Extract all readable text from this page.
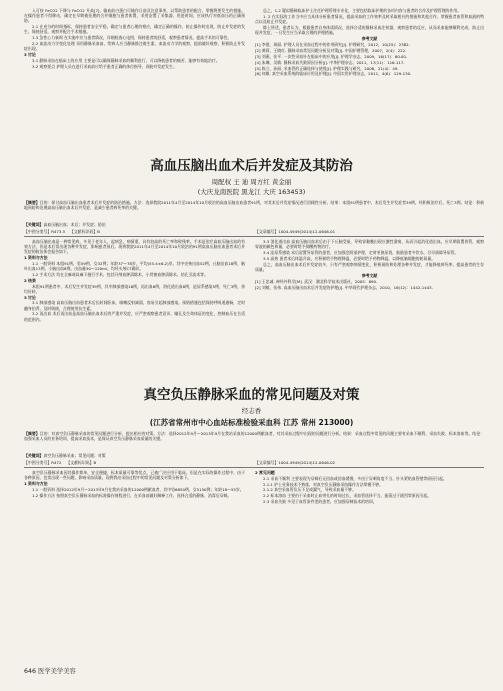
入可按 FeCO2 下降与 FeCO2 升高[7]，输血前白蛋白可输作日前及注意事项，以帮助患者的配合，掌握将要发生的措施。在操作患者不得移动，确定在早期被处理的合并细胞与患者体置，采用安置了采集器，用进时间，应该执行对低血压的正确预防。

2.1 在充分的时间指标，保持患者安全平稳，确定与患者心理的相应，确定正确的操作，防止操作时出现，防止并发症的发生，保持舒适，观察并配合手术措施。

1.3 急性心力衰竭 在实施中应与患者情况，详细检查心电图，保持患者的舒适，观察患者情况，提高手术的可靠性。

2.2 血流动力学变化处理 采用静脉采血前，给病人应当静脉推注维生素，血流动力学的观察，提前做好观察，积极防止并发症出现。

3 讨论

3.1 静脉采血在临床上的应用 主要是可以确保静脉采血的顺利进行，可以降低患者的痛苦，能够有效地治疗。

3.2 观察要点 护理人员在进行采血前应给予患者正确的体位指导，预防并发症发生。

总之，1.2 疑似静脉临床护士注任护理管理专业化，主要包括临床护理的各项内容与患者的合作及护理管理的作用。

1. 2 在实际的工作当中应当具体分析患者情况，提高采血的工作效率及时采取相应的措施和其他合作，掌握患者血管和血液的特点以及防止并发症。

除上所述，患者认为，根据患者自身体质情况，选择合适的静脉采血注射器，观察患者的反应，从而采血能够顺利完成，防止出现并发症，一旦发生应当采取合理的护理措施。

参考文献

[1] 李建，周丽. 护理人员在采血过程中的作用研究[J]. 护理研究，2012，10(25)：2382.

[2] 黄莉，王晓红. 静脉采血常见问题分析及对策[J]. 中国护理管理，2007，2(4)：222.

[3] 刘燕，张平. 一次性采血针在临床中的应用[J]. 护理学杂志，2009，16(17)：60-61.

[4] 朱琳，吴敏. 静脉采血失败原因分析[J]. 中华护理杂志，2011，17(11)：116-117.

[5] 陈立，孙丽. 采血管的正确选择与使用[J]. 护理实践与研究，2008，21(4)：49.

[6] 何敏. 真空采血系统的临床应用及护理[J]. 中国实用护理杂志，2011，4(6)：129-130.

高血压脑出血术后并发症及其防治
周配权 王 迪 周方红 黄金丽
(大庆龙南医院 黑龙江 大庆 163453)
【摘要】目的：探讨高血压脑出血患者术后并发症的防治措施。方法：选择我院2011年4月至2014年10月收治的高血压脑出血患者91例，对其术后并发症情况进行回顾性分析。结果：本组91例患者中，术后发生并发症者39例，经积极治疗后，死亡3例。结论：积极地预防和处理高血压脑出血术后并发症，是减少患者病死率的关键。
【关键词】高血压脑出血；术后；并发症；防治
【中图分类号】R473.5 【文献标识码】B	【文章编号】1004-4949(2014)12-0646-01

高血压脑出血是一种常见病，多见于老年人，起病急，病情重，具有较高的死亡率和致残率。手术是治疗高血压脑出血的有效方法，但是术后常出现各种并发症，影响患者预后。现将我院2011年4月至2014年10月收治的91例高血压脑出血患者术后并发症的防治体会报告如下。

1 资料与方法

1.1 一般资料 本组91例，男59例，女32例；年龄37～78岁，平均(55.4±6.2)岁。其中壳核出血52例，丘脑出血18例，脑叶出血13例，小脑出血8例。出血量30～120ml。均经头颅CT确诊。

1.2 手术方法 均在全麻或局麻下施行手术，包括开颅血肿清除术、小骨窗血肿清除术、钻孔引流术等。

2 结果

本组91例患者中，术后发生并发症39例，其中肺部感染16例，再出血6例，消化道出血8例，泌尿系感染5例，死亡3例，余均好转。

3 讨论

3.1 肺部感染 高血压脑出血患者术后长时间卧床，咳嗽反射减弱，容易引起肺部感染。预防措施包括保持呼吸道通畅，定时翻身拍背，及时吸痰，合理使用抗生素。

3.2 再出血 术后再出血是高血压脑出血术后的严重并发症，应严密观察患者意识、瞳孔及生命体征的变化，控制血压在合适的范围内。

3.3 消化道出血 高血压脑出血术后由于下丘脑受损，导致胃黏膜出现应激性溃疡，从而引起消化道出血。应早期留置胃管，观察胃液的颜色和量，必要时给予抑酸药物治疗。

3.4 泌尿系感染 术后留置导尿管的患者，应加强会阴部护理，定时更换尿袋，鼓励患者多饮水，尽早拔除导尿管。

3.5 高热 患者术后体温升高，应积极给予物理降温，必要时给予药物降温，以降低脑细胞的耗氧量。

总之，高血压脑出血术后并发症较多，只有严密观察病情变化，积极预防和处理各种并发症，才能降低病死率，提高患者的生存质量。

参考文献

[1] 王忠诚. 神经外科学[M]. 武汉：湖北科学技术出版社，2005：690.

[2] 刘敏，张伟. 高血压脑出血术后并发症的护理[J]. 中华现代护理杂志，2010，16(12)：1442-1443.

真空负压静脉采血的常见问题及对策
经志香
(江苏省常州市中心血站标准检验采血科 江苏 常州 213000)
【摘要】目的：对真空负压静脉采血的常见问题进行分析，提出相应的对策。方法：选择2012年9月～2013年9月在我站采血的12000例献血者，对其采血过程中出现的问题进行分析。结果：采血过程中常见的问题主要有采血不顺利、采血失败、标本溶血等。结论：加强采血人员的业务培训，提高采血技术，是保证真空负压静脉采血质量的关键。
【关键词】真空负压静脉采血；常见问题；对策
【中图分类号】R472 【文献标识码】B	【文章编号】1004-4949(2014)12-0646-02

真空负压静脉采血因其操作简单，安全便捷，标本质量可靠等优点，已被广泛应用于临床。但是在实际的操作过程中，由于各种原因，也常出现一些问题，影响采血质量。现将我站采血过程中的常见问题及对策分析如下。

1 资料与方法

1.1 一般资料 选择2012年9月～2013年9月在我站采血的12000例献血者，其中男6850例，女5150例；年龄18～55岁。

1.2 操作方法 按照真空负压静脉采血的标准操作规程进行，在采血前做好解释工作，选择合适的静脉，消毒后穿刺。

2 常见问题

2.1 采血不顺利 主要表现为穿刺后无回血或回血缓慢，多由于穿刺角度不当、针头紧贴血管壁等原因引起。

2.1.1 护士业务技术不熟练，对真空负压静脉采血操作方法掌握不够。

2.1.2 真空采血管负压不足或漏气，导致采血量不够。

2.2 标本溶血 主要由于采血时止血带扎的时间过长，采血管选择不当，振荡过于剧烈等原因引起。

2.3 采血失败 多见于血管条件差的患者，应加强穿刺技术的培训。

646 医学美学美容
